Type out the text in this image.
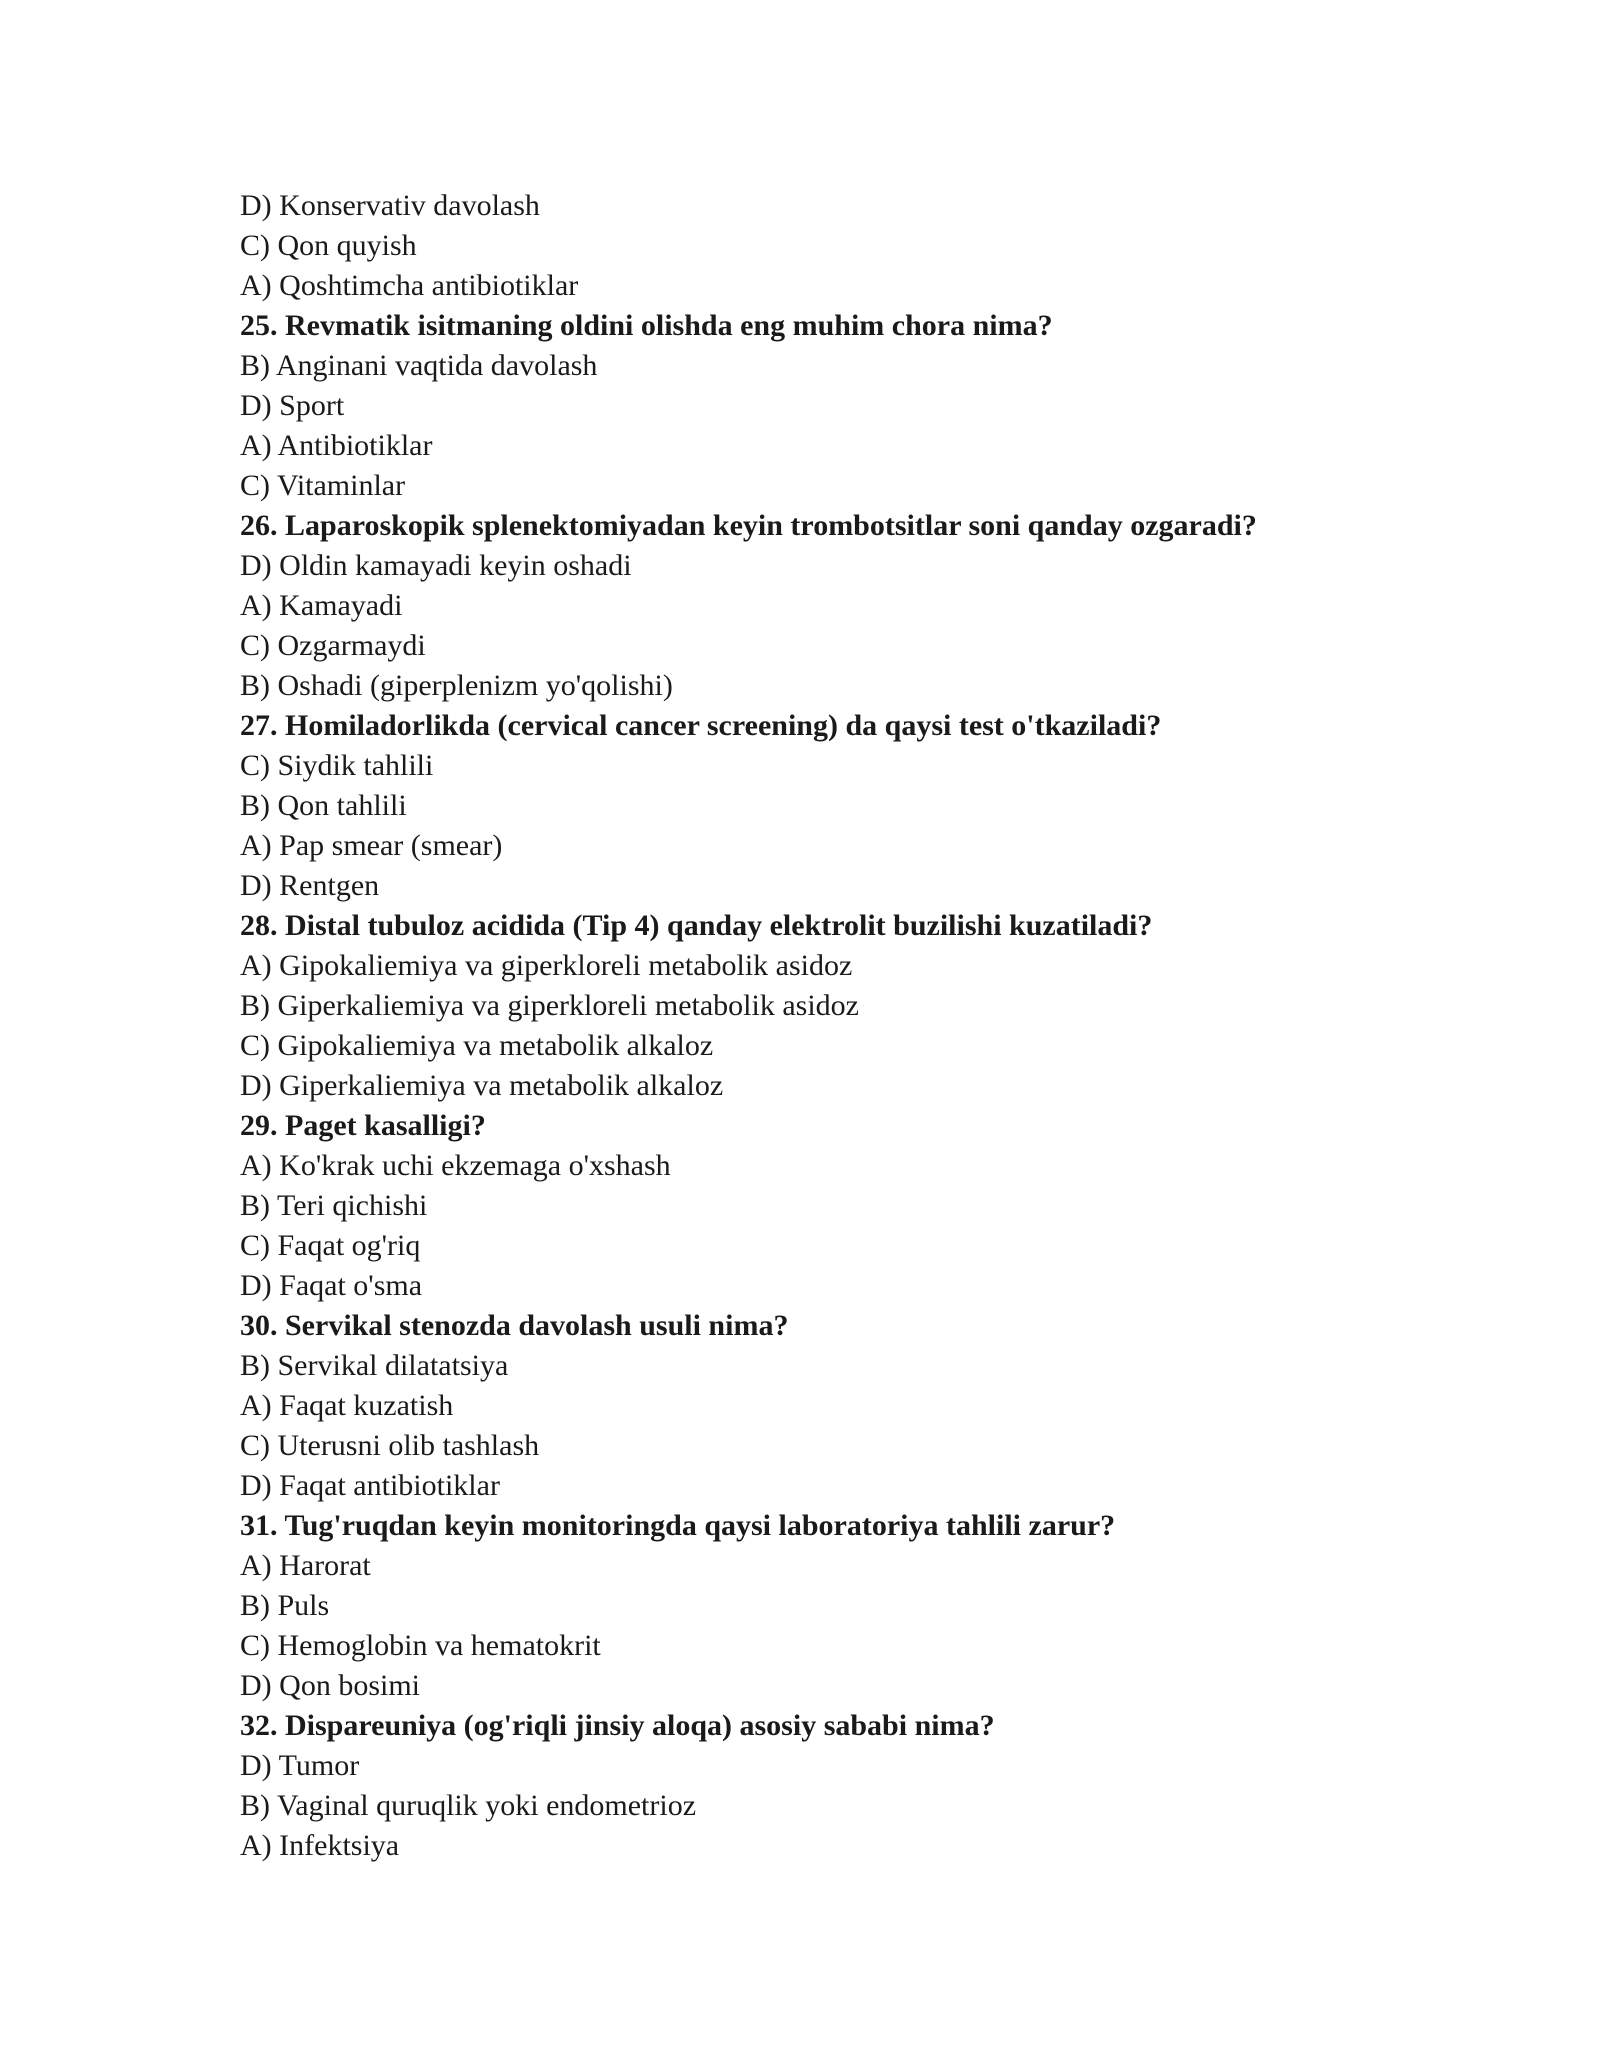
D) Konservativ davolash
C) Qon quyish
A) Qoshtimcha antibiotiklar
25. Revmatik isitmaning oldini olishda eng muhim chora nima?
B) Anginani vaqtida davolash
D) Sport
A) Antibiotiklar
C) Vitaminlar
26. Laparoskopik splenektomiyadan keyin trombotsitlar soni qanday ozgaradi?
D) Oldin kamayadi keyin oshadi
A) Kamayadi
C) Ozgarmaydi
B) Oshadi (giperplenizm yo'qolishi)
27. Homiladorlikda (cervical cancer screening) da qaysi test o'tkaziladi?
C) Siydik tahlili
B) Qon tahlili
A) Pap smear (smear)
D) Rentgen
28. Distal tubuloz acidida (Tip 4) qanday elektrolit buzilishi kuzatiladi?
A) Gipokaliemiya va giperkloreli metabolik asidoz
B) Giperkaliemiya va giperkloreli metabolik asidoz
C) Gipokaliemiya va metabolik alkaloz
D) Giperkaliemiya va metabolik alkaloz
29. Paget kasalligi?
A) Ko'krak uchi ekzemaga o'xshash
B) Teri qichishi
C) Faqat og'riq
D) Faqat o'sma
30. Servikal stenozda davolash usuli nima?
B) Servikal dilatatsiya
A) Faqat kuzatish
C) Uterusni olib tashlash
D) Faqat antibiotiklar
31. Tug'ruqdan keyin monitoringda qaysi laboratoriya tahlili zarur?
A) Harorat
B) Puls
C) Hemoglobin va hematokrit
D) Qon bosimi
32. Dispareuniya (og'riqli jinsiy aloqa) asosiy sababi nima?
D) Tumor
B) Vaginal quruqlik yoki endometrioz
A) Infektsiya
